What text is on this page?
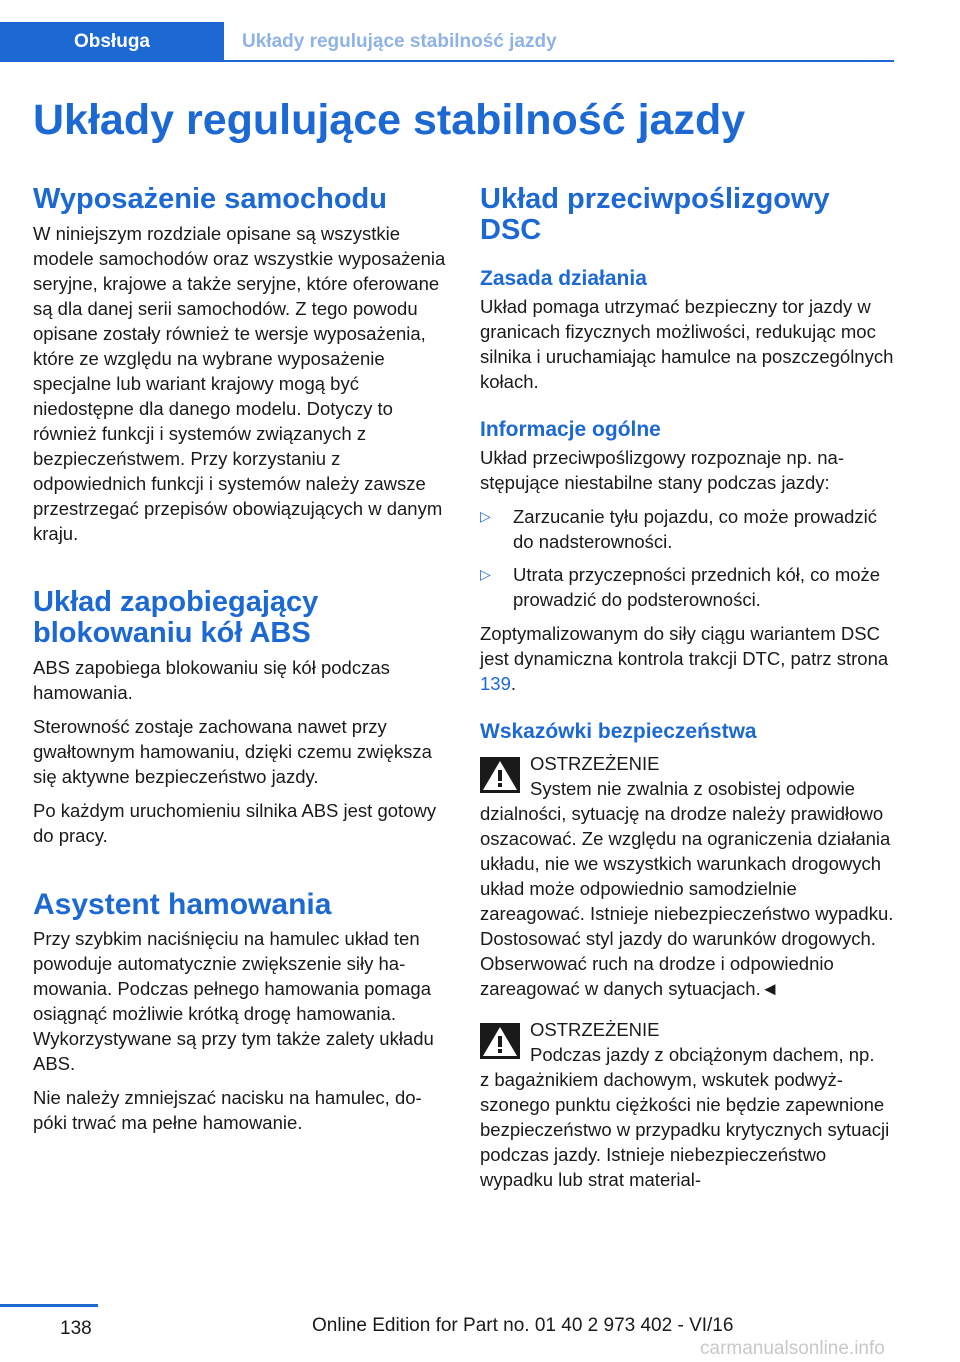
Obsługa	Układy regulujące stabilność jazdy
Układy regulujące stabilność jazdy
Wyposażenie samochodu

W niniejszym rozdziale opisane są wszystkie modele samochodów oraz wszystkie wyposażenia seryjne, krajowe a także seryjne, które oferowane są dla danej serii samochodów. Z tego powodu opisane zostały również te wersje wyposażenia, które ze względu na wybrane wyposażenie specjalne lub wariant krajowy mogą być niedostępne dla danego modelu. Dotyczy to również funkcji i systemów związanych z bezpieczeństwem. Przy korzystaniu z odpowiednich funkcji i systemów należy zawsze przestrzegać przepisów obowiązujących w danym kraju.

Układ zapobiegający blokowaniu kół ABS

ABS zapobiega blokowaniu się kół podczas hamowania.

Sterowność zostaje zachowana nawet przy gwałtownym hamowaniu, dzięki czemu zwiększa się aktywne bezpieczeństwo jazdy.

Po każdym uruchomieniu silnika ABS jest gotowy do pracy.

Asystent hamowania

Przy szybkim naciśnięciu na hamulec układ ten powoduje automatycznie zwiększenie siły hamowania. Podczas pełnego hamowania pomaga osiągnąć możliwie krótką drogę hamowania. Wykorzystywane są przy tym także zalety układu ABS.

Nie należy zmniejszać nacisku na hamulec, dopóki trwać ma pełne hamowanie.

Układ przeciwpoślizgowy DSC
Zasada działania

Układ pomaga utrzymać bezpieczny tor jazdy w granicach fizycznych możliwości, redukując moc silnika i uruchamiając hamulce na poszczególnych kołach.

Informacje ogólne

Układ przeciwpoślizgowy rozpoznaje np. następujące niestabilne stany podczas jazdy:

▷ Zarzucanie tyłu pojazdu, co może prowadzić do nadsterowności.
▷ Utrata przyczepności przednich kół, co może prowadzić do podsterowności.

Zoptymalizowanym do siły ciągu wariantem DSC jest dynamiczna kontrola trakcji DTC, patrz strona 139.

Wskazówki bezpieczeństwa
OSTRZEŻENIE
System nie zwalnia z osobistej odpowie
dzialności, sytuację na drodze należy prawidłowo oszacować. Ze względu na ograniczenia działania układu, nie we wszystkich warunkach drogowych układ może odpowiednio samodzielnie zareagować. Istnieje niebezpieczeństwo wypadku. Dostosować styl jazdy do warunków drogowych. Obserwować ruch na drodze i odpowiednio zareagować w danych sytuacjach.◄
OSTRZEŻENIE
Podczas jazdy z obciążonym dachem, np.
z bagażnikiem dachowym, wskutek podwyższonego punktu ciężkości nie będzie zapewnione bezpieczeństwo w przypadku krytycznych sytuacji podczas jazdy. Istnieje niebezpieczeństwo wypadku lub strat material-
138	Online Edition for Part no. 01 40 2 973 402 - VI/16
carmanualsonline.info
